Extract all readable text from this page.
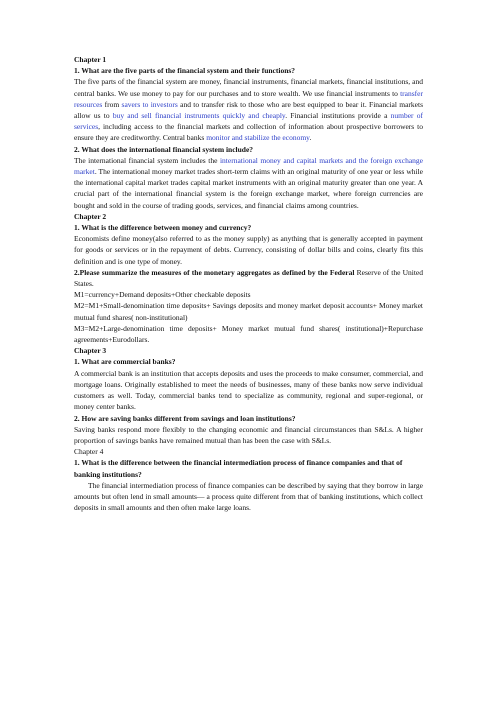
Chapter 1

1. What are the five parts of the financial system and their functions?

The five parts of the financial system are money, financial instruments, financial markets, financial institutions, and central banks. We use money to pay for our purchases and to store wealth. We use financial instruments to transfer resources from savers to investors and to transfer risk to those who are best equipped to bear it. Financial markets allow us to buy and sell financial instruments quickly and cheaply. Financial institutions provide a number of services, including access to the financial markets and collection of information about prospective borrowers to ensure they are creditworthy. Central banks monitor and stabilize the economy.

2. What does the international financial system include?

The international financial system includes the international money and capital markets and the foreign exchange market. The international money market trades short-term claims with an original maturity of one year or less while the international capital market trades capital market instruments with an original maturity greater than one year. A crucial part of the international financial system is the foreign exchange market, where foreign currencies are bought and sold in the course of trading goods, services, and financial claims among countries.

Chapter 2

1. What is the difference between money and currency?

Economists define money(also referred to as the money supply) as anything that is generally accepted in payment for goods or services or in the repayment of debts. Currency, consisting of dollar bills and coins, clearly fits this definition and is one type of money.

2.Please summarize the measures of the monetary aggregates as defined by the Federal Reserve of the United States.

M1=currency+Demand deposits+Other checkable deposits

M2=M1+Small-denomination time deposits+ Savings deposits and money market deposit accounts+ Money market mutual fund shares( non-institutional)

M3=M2+Large-denomination time deposits+ Money market mutual fund shares( institutional)+Repurchase agreements+Eurodollars.

Chapter 3

1. What are commercial banks?

A commercial bank is an institution that accepts deposits and uses the proceeds to make consumer, commercial, and mortgage loans. Originally established to meet the needs of businesses, many of these banks now serve individual customers as well. Today, commercial banks tend to specialize as community, regional and super-regional, or money center banks.

2. How are saving banks different from savings and loan institutions?

Saving banks respond more flexibly to the changing economic and financial circumstances than S&Ls. A higher proportion of savings banks have remained mutual than has been the case with S&Ls.

Chapter 4

1. What is the difference between the financial intermediation process of finance companies and that of banking institutions?

The financial intermediation process of finance companies can be described by saying that they borrow in large amounts but often lend in small amounts— a process quite different from that of banking institutions, which collect deposits in small amounts and then often make large loans.
